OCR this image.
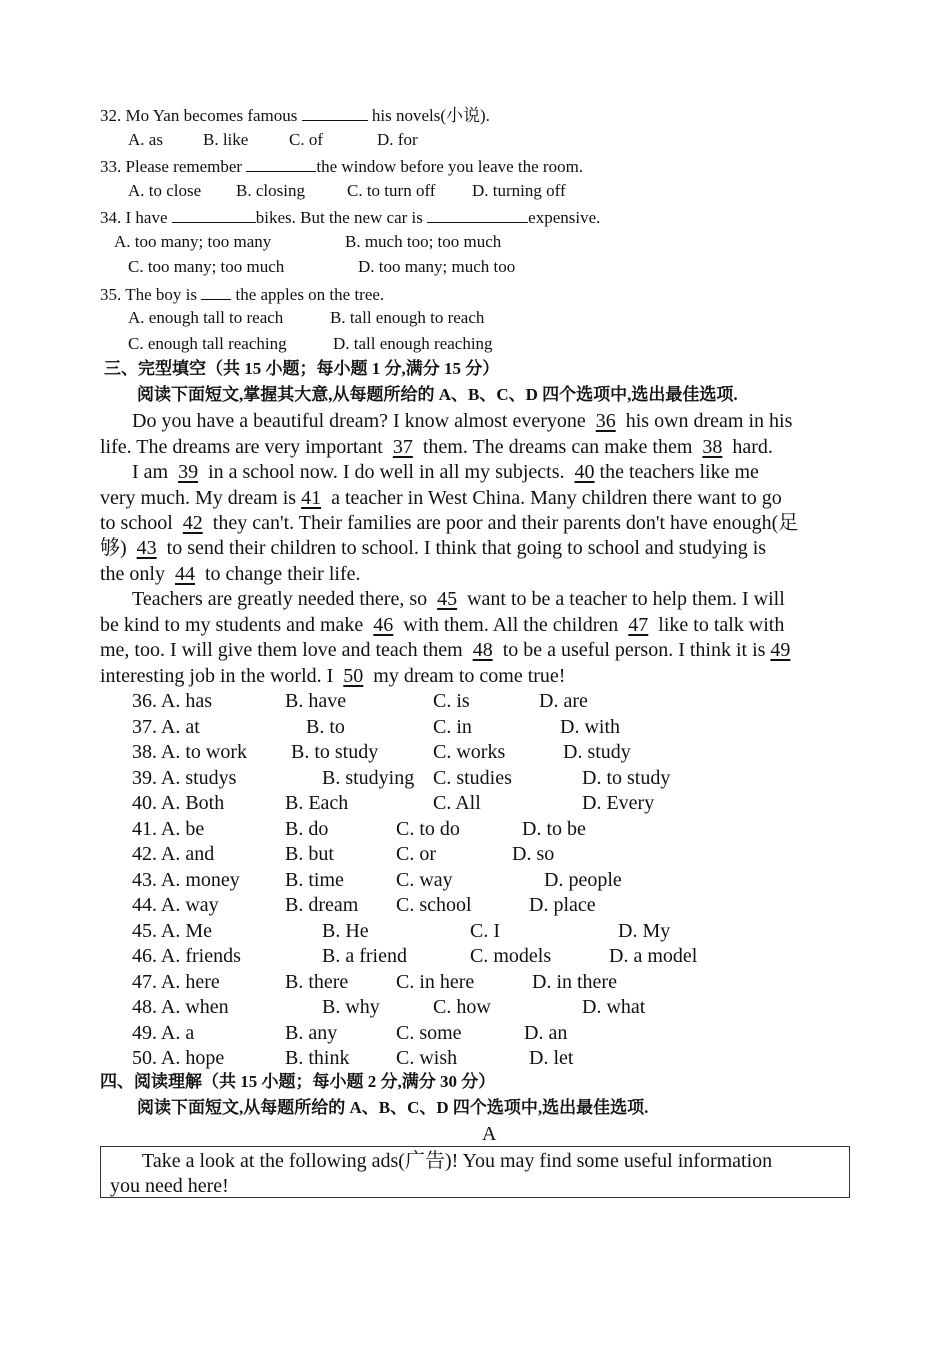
32. Mo Yan becomes famous	his novels(小说).
A. as B. like C. of	D. for
33. Please remember	the window before you leave the room.
A. to close B. closing C. to turn off D. turning off
34. I have	bikes. But the new car is	expensive.
A. too many; too many	B. much too; too much
C. too many; too much	D. too many; much too
35. The boy is  the apples on the tree.
A. enough tall to reach	B. tall enough to reach
C. enough tall reaching	D. tall enough reaching
三、完型填空（共 15 小题；每小题 1 分,满分 15 分）
阅读下面短文,掌握其大意,从每题所给的 A、B、C、D 四个选项中,选出最佳选项.
Do you have a beautiful dream? I know almost everyone  36  his own dream in his
life. The dreams are very important  37  them. The dreams can make them  38  hard.
I am  39  in a school now. I do well in all my subjects.  40 the teachers like me
very much. My dream is 41  a teacher in West China. Many children there want to go
to school  42  they can't. Their families are poor and their parents don't have enough(足
够)  43  to send their children to school. I think that going to school and studying is
the only  44  to change their life.
Teachers are greatly needed there, so  45  want to be a teacher to help them. I will
be kind to my students and make  46  with them. All the children  47  like to talk with
me, too. I will give them love and teach them  48  to be a useful person. I think it is 49
interesting job in the world. I  50  my dream to come true!
36. A. has	B. have	C. is	D. are
37. A. at	B. to	C. in	D. with
38. A. to work B. to study	C. works	D. study
39. A. studys	B. studying C. studies	D. to study
40. A. Both	B. Each	C. All	D. Every
41. A. be	B. do	C. to do	D. to be
42. A. and	B. but	C. or	D. so
43. A. money B. time	C. way	D. people
44. A. way	B. dream C. school	D. place
45. A. Me	B. He	C. I	D. My
46. A. friends	B. a friend	C. models	D. a model
47. A. here	B. there C. in here	D. in there
48. A. when	B. why	C. how	D. what
49. A. a	B. any	C. some	D. an
50. A. hope	B. think C. wish	D. let
四、阅读理解（共 15 小题；每小题 2 分,满分 30 分）
阅读下面短文,从每题所给的 A、B、C、D 四个选项中,选出最佳选项.
A
Take a look at the following ads(广告)! You may find some useful information
you need here!
